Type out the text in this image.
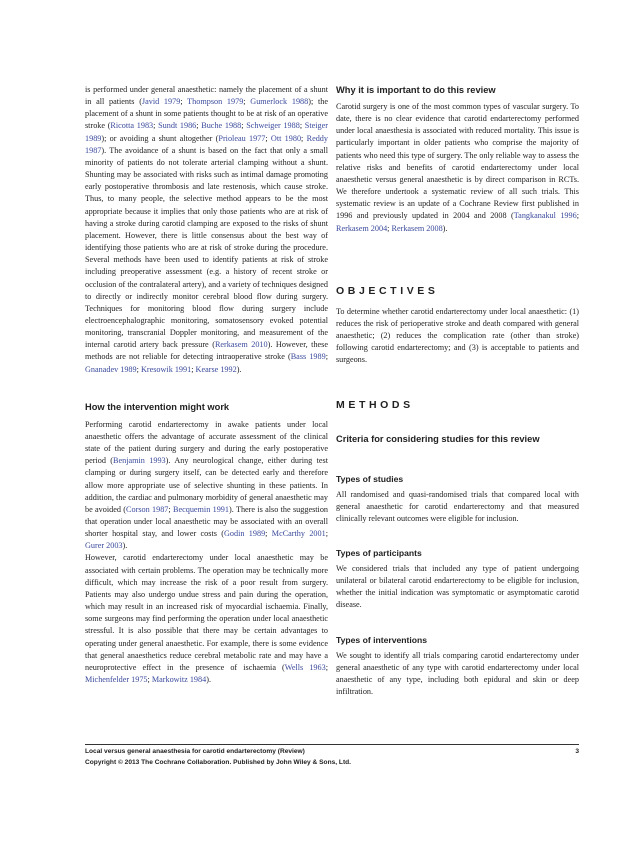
is performed under general anaesthetic: namely the placement of a shunt in all patients (Javid 1979; Thompson 1979; Gumerlock 1988); the placement of a shunt in some patients thought to be at risk of an operative stroke (Ricotta 1983; Sundt 1986; Buche 1988; Schweiger 1988; Steiger 1989); or avoiding a shunt altogether (Prioleau 1977; Ott 1980; Reddy 1987). The avoidance of a shunt is based on the fact that only a small minority of patients do not tolerate arterial clamping without a shunt. Shunting may be associated with risks such as intimal damage promoting early postoperative thrombosis and late restenosis, which cause stroke. Thus, to many people, the selective method appears to be the most appropriate because it implies that only those patients who are at risk of having a stroke during carotid clamping are exposed to the risks of shunt placement. However, there is little consensus about the best way of identifying those patients who are at risk of stroke during the procedure. Several methods have been used to identify patients at risk of stroke including preoperative assessment (e.g. a history of recent stroke or occlusion of the contralateral artery), and a variety of techniques designed to directly or indirectly monitor cerebral blood flow during surgery. Techniques for monitoring blood flow during surgery include electroencephalographic monitoring, somatosensory evoked potential monitoring, transcranial Doppler monitoring, and measurement of the internal carotid artery back pressure (Rerkasem 2010). However, these methods are not reliable for detecting intraoperative stroke (Bass 1989; Gnanadev 1989; Kresowik 1991; Kearse 1992).

How the intervention might work

Performing carotid endarterectomy in awake patients under local anaesthetic offers the advantage of accurate assessment of the clinical state of the patient during surgery and during the early postoperative period (Benjamin 1993). Any neurological change, either during test clamping or during surgery itself, can be detected early and therefore allow more appropriate use of selective shunting in these patients. In addition, the cardiac and pulmonary morbidity of general anaesthetic may be avoided (Corson 1987; Becquemin 1991). There is also the suggestion that operation under local anaesthetic may be associated with an overall shorter hospital stay, and lower costs (Godin 1989; McCarthy 2001; Gurer 2003).

However, carotid endarterectomy under local anaesthetic may be associated with certain problems. The operation may be technically more difficult, which may increase the risk of a poor result from surgery. Patients may also undergo undue stress and pain during the operation, which may result in an increased risk of myocardial ischaemia. Finally, some surgeons may find performing the operation under local anaesthetic stressful. It is also possible that there may be certain advantages to operating under general anaesthetic. For example, there is some evidence that general anaesthetics reduce cerebral metabolic rate and may have a neuroprotective effect in the presence of ischaemia (Wells 1963; Michenfelder 1975; Markowitz 1984).

Why it is important to do this review

Carotid surgery is one of the most common types of vascular surgery. To date, there is no clear evidence that carotid endarterectomy performed under local anaesthesia is associated with reduced mortality. This issue is particularly important in older patients who comprise the majority of patients who need this type of surgery. The only reliable way to assess the relative risks and benefits of carotid endarterectomy under local anaesthetic versus general anaesthetic is by direct comparison in RCTs. We therefore undertook a systematic review of all such trials. This systematic review is an update of a Cochrane Review first published in 1996 and previously updated in 2004 and 2008 (Tangkanakul 1996; Rerkasem 2004; Rerkasem 2008).

OBJECTIVES

To determine whether carotid endarterectomy under local anaesthetic: (1) reduces the risk of perioperative stroke and death compared with general anaesthetic; (2) reduces the complication rate (other than stroke) following carotid endarterectomy; and (3) is acceptable to patients and surgeons.

METHODS
Criteria for considering studies for this review
Types of studies

All randomised and quasi-randomised trials that compared local with general anaesthetic for carotid endarterectomy and that measured clinically relevant outcomes were eligible for inclusion.

Types of participants

We considered trials that included any type of patient undergoing unilateral or bilateral carotid endarterectomy to be eligible for inclusion, whether the initial indication was symptomatic or asymptomatic carotid disease.

Types of interventions

We sought to identify all trials comparing carotid endarterectomy under general anaesthetic of any type with carotid endarterectomy under local anaesthetic of any type, including both epidural and skin or deep infiltration.

Local versus general anaesthesia for carotid endarterectomy (Review)	3
Copyright © 2013 The Cochrane Collaboration. Published by John Wiley & Sons, Ltd.
